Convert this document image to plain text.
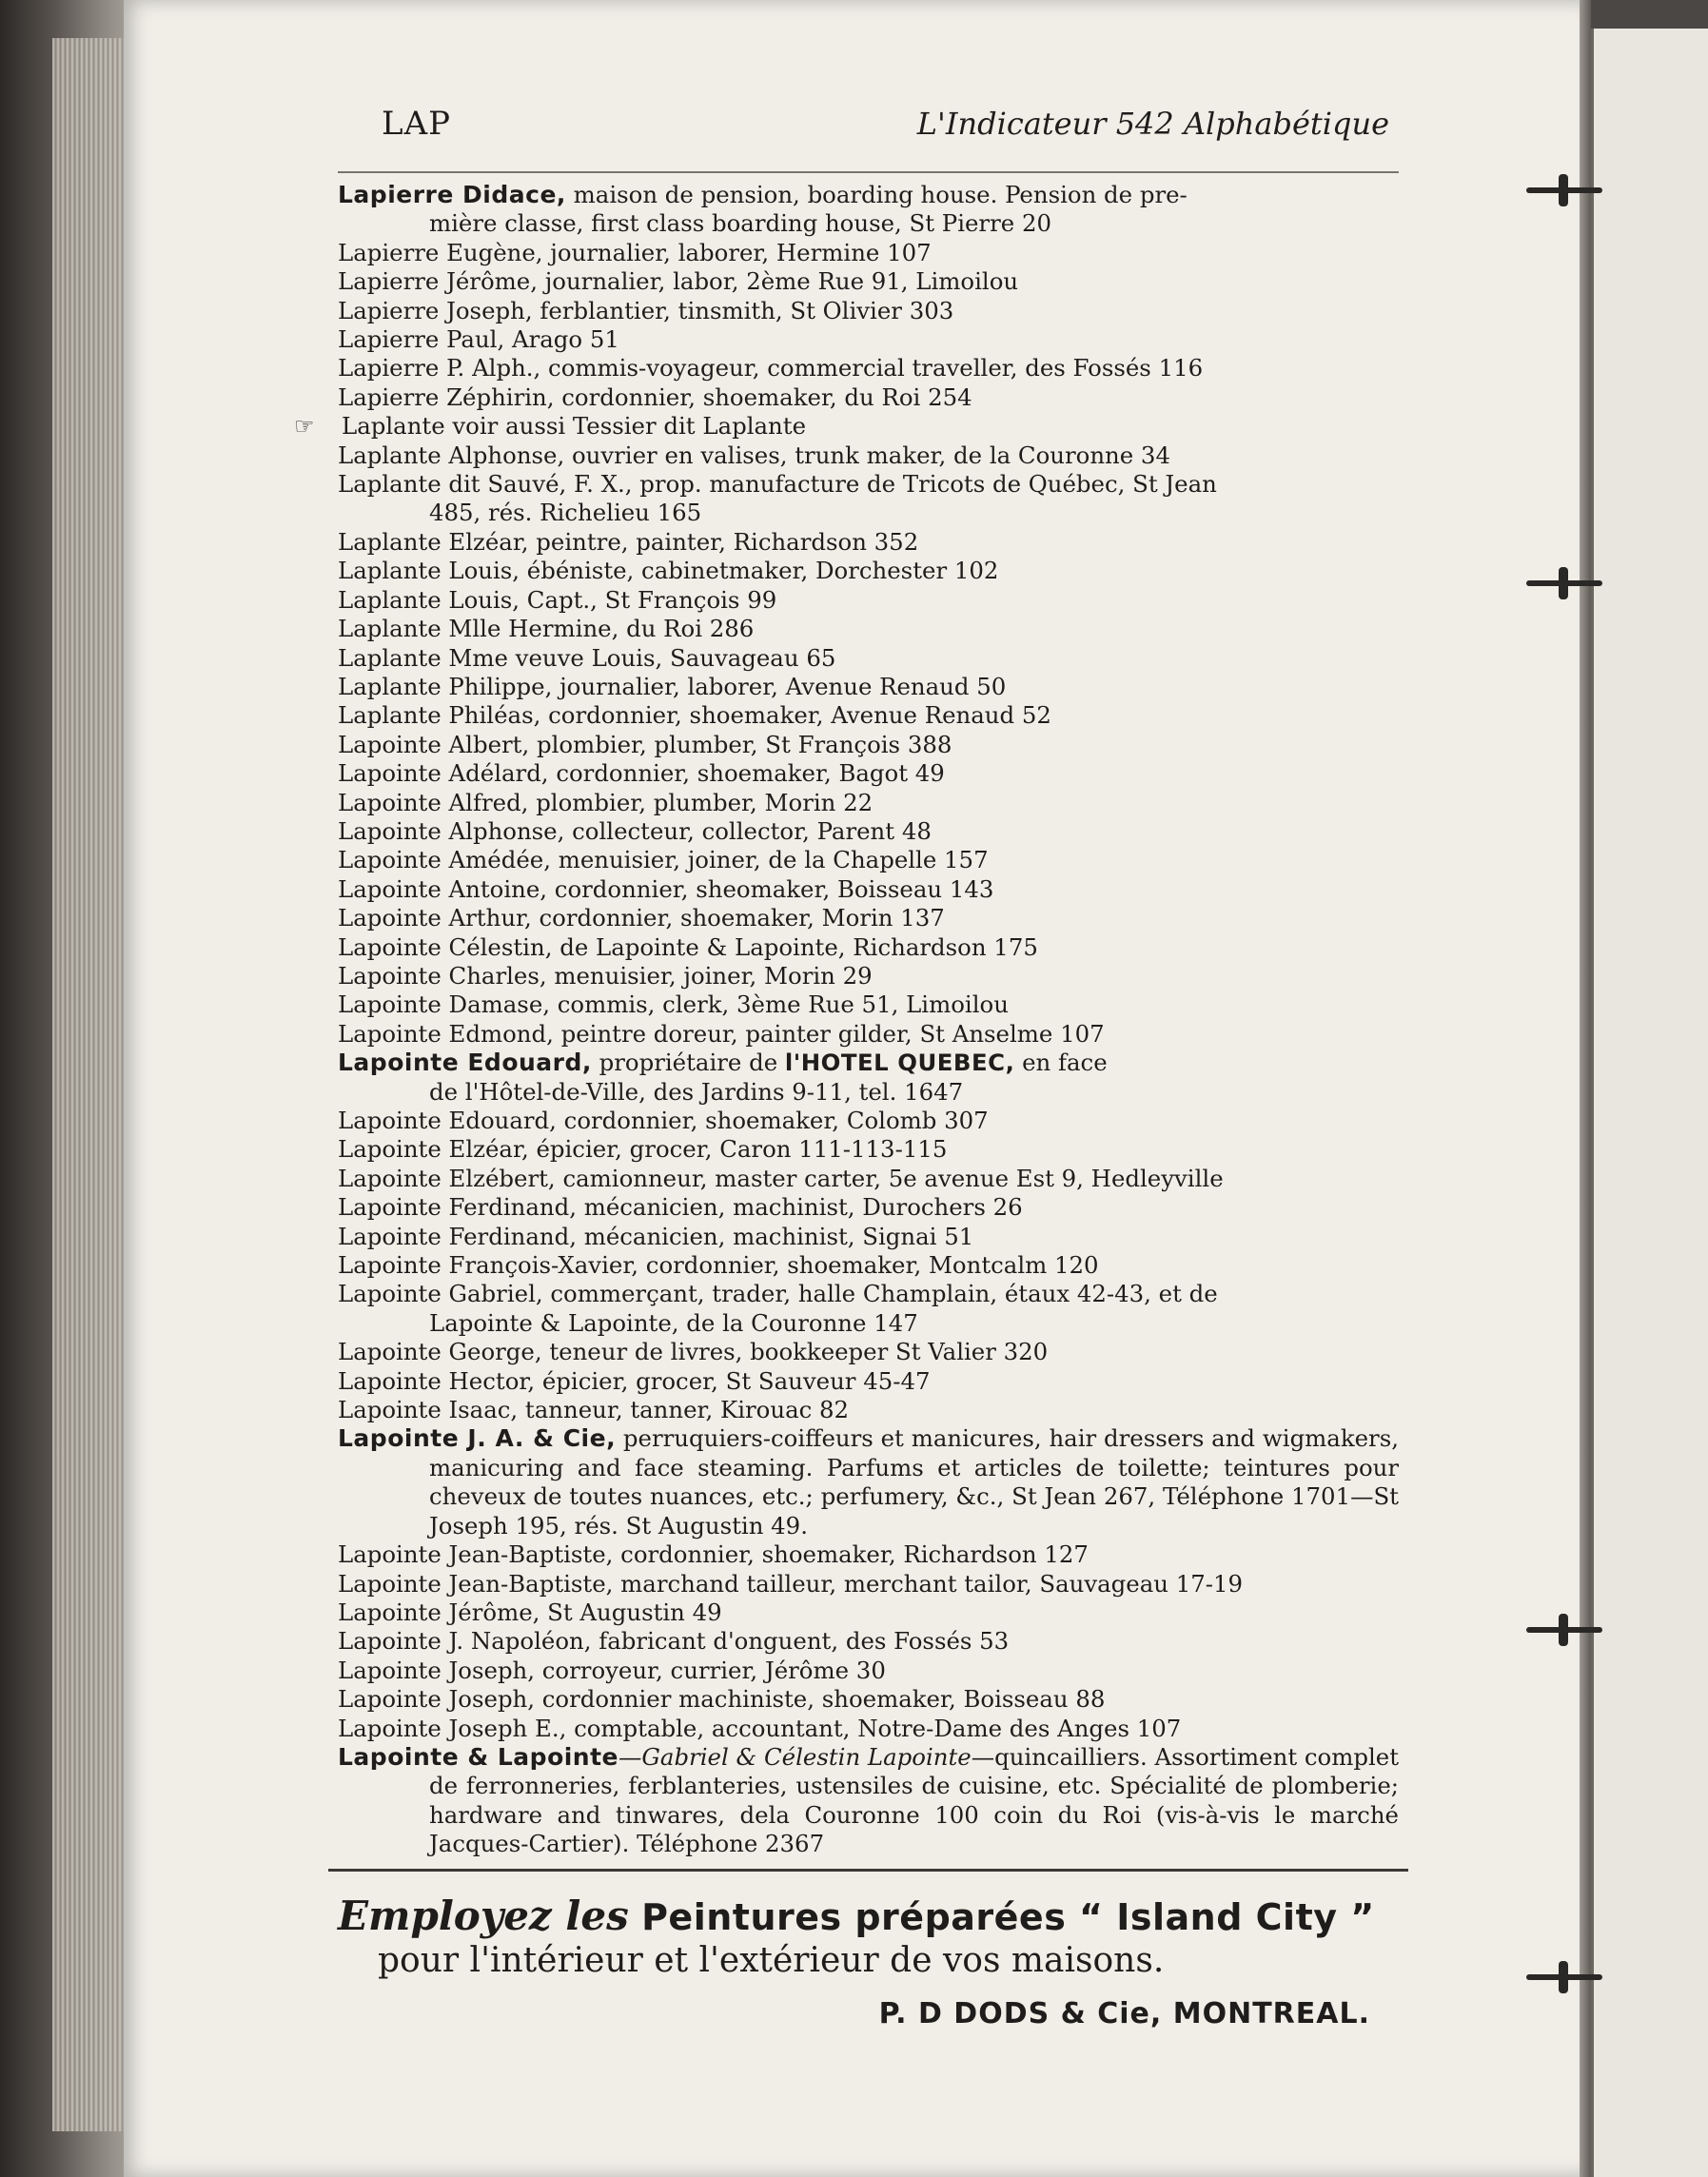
LAP	L'Indicateur 542 Alphabétique
Lapierre Didace, maison de pension, boarding house. Pension de pre-
mière classe, first class boarding house, St Pierre 20
Lapierre Eugène, journalier, laborer, Hermine 107
Lapierre Jérôme, journalier, labor, 2ème Rue 91, Limoilou
Lapierre Joseph, ferblantier, tinsmith, St Olivier 303
Lapierre Paul, Arago 51
Lapierre P. Alph., commis-voyageur, commercial traveller, des Fossés 116
Lapierre Zéphirin, cordonnier, shoemaker, du Roi 254
Laplante voir aussi Tessier dit Laplante
Laplante Alphonse, ouvrier en valises, trunk maker, de la Couronne 34
Laplante dit Sauvé, F. X., prop. manufacture de Tricots de Québec, St Jean
485, rés. Richelieu 165
Laplante Elzéar, peintre, painter, Richardson 352
Laplante Louis, ébéniste, cabinetmaker, Dorchester 102
Laplante Louis, Capt., St François 99
Laplante Mlle Hermine, du Roi 286
Laplante Mme veuve Louis, Sauvageau 65
Laplante Philippe, journalier, laborer, Avenue Renaud 50
Laplante Philéas, cordonnier, shoemaker, Avenue Renaud 52
Lapointe Albert, plombier, plumber, St François 388
Lapointe Adélard, cordonnier, shoemaker, Bagot 49
Lapointe Alfred, plombier, plumber, Morin 22
Lapointe Alphonse, collecteur, collector, Parent 48
Lapointe Amédée, menuisier, joiner, de la Chapelle 157
Lapointe Antoine, cordonnier, sheomaker, Boisseau 143
Lapointe Arthur, cordonnier, shoemaker, Morin 137
Lapointe Célestin, de Lapointe & Lapointe, Richardson 175
Lapointe Charles, menuisier, joiner, Morin 29
Lapointe Damase, commis, clerk, 3ème Rue 51, Limoilou
Lapointe Edmond, peintre doreur, painter gilder, St Anselme 107
Lapointe Edouard, propriétaire de l'HOTEL QUEBEC, en face
de l'Hôtel-de-Ville, des Jardins 9-11, tel. 1647
Lapointe Edouard, cordonnier, shoemaker, Colomb 307
Lapointe Elzéar, épicier, grocer, Caron 111-113-115
Lapointe Elzébert, camionneur, master carter, 5e avenue Est 9, Hedleyville
Lapointe Ferdinand, mécanicien, machinist, Durochers 26
Lapointe Ferdinand, mécanicien, machinist, Signai 51
Lapointe François-Xavier, cordonnier, shoemaker, Montcalm 120
Lapointe Gabriel, commerçant, trader, halle Champlain, étaux 42-43, et de
Lapointe & Lapointe, de la Couronne 147
Lapointe George, teneur de livres, bookkeeper St Valier 320
Lapointe Hector, épicier, grocer, St Sauveur 45-47
Lapointe Isaac, tanneur, tanner, Kirouac 82
Lapointe J. A. & Cie, perruquiers-coiffeurs et manicures, hair dressers and wigmakers, manicuring and face steaming. Parfums et articles de toilette; teintures pour cheveux de toutes nuances, etc.; perfumery, &c., St Jean 267, Téléphone 1701—St Joseph 195, rés. St Augustin 49.
Lapointe Jean-Baptiste, cordonnier, shoemaker, Richardson 127
Lapointe Jean-Baptiste, marchand tailleur, merchant tailor, Sauvageau 17-19
Lapointe Jérôme, St Augustin 49
Lapointe J. Napoléon, fabricant d'onguent, des Fossés 53
Lapointe Joseph, corroyeur, currier, Jérôme 30
Lapointe Joseph, cordonnier machiniste, shoemaker, Boisseau 88
Lapointe Joseph E., comptable, accountant, Notre-Dame des Anges 107
Lapointe & Lapointe—Gabriel & Célestin Lapointe—quincailliers. Assortiment complet de ferronneries, ferblanteries, ustensiles de cuisine, etc. Spécialité de plomberie; hardware and tinwares, dela Couronne 100 coin du Roi (vis-à-vis le marché Jacques-Cartier). Téléphone 2367
Employez les Peintures préparées “ Island City ”
pour l'intérieur et l'extérieur de vos maisons.
P. D DODS & Cie, MONTREAL.
